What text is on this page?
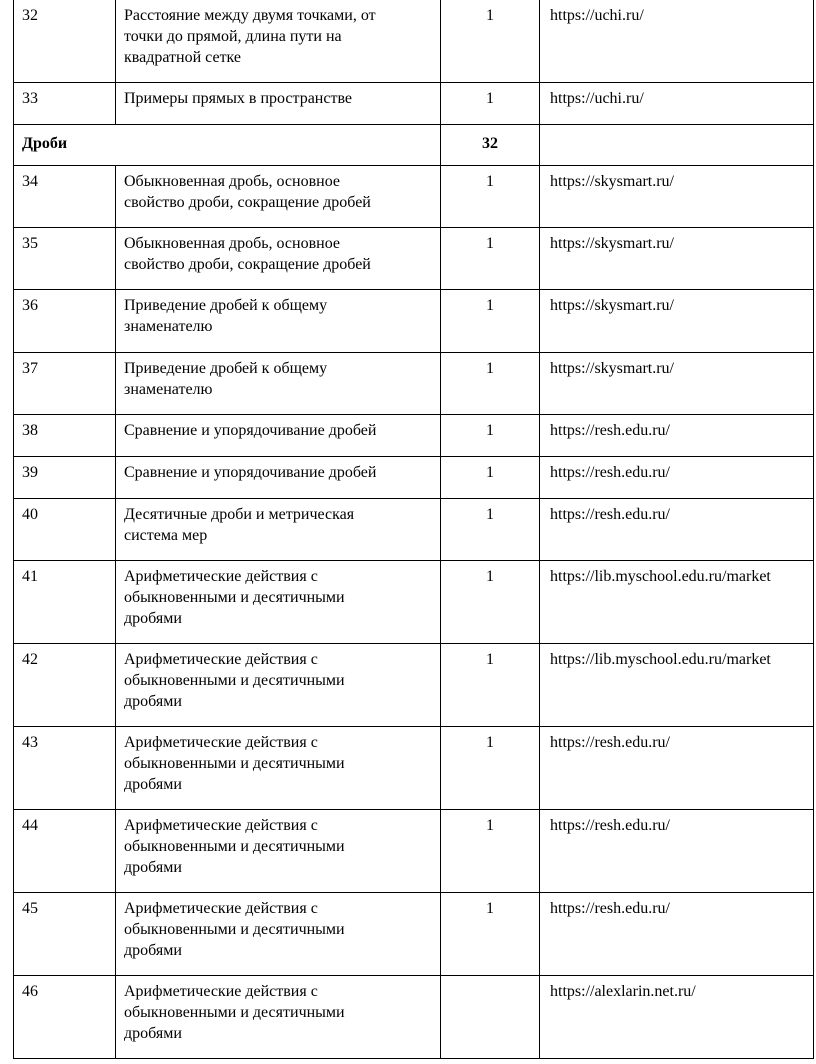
32	Расстояние между двумя точками, от
точки до прямой, длина пути на
квадратной сетке	1	https://uchi.ru/
33	Примеры прямых в пространстве	1	https://uchi.ru/
Дроби		32	
34	Обыкновенная дробь, основное
свойство дроби, сокращение дробей	1	https://skysmart.ru/
35	Обыкновенная дробь, основное
свойство дроби, сокращение дробей	1	https://skysmart.ru/
36	Приведение дробей к общему
знаменателю	1	https://skysmart.ru/
37	Приведение дробей к общему
знаменателю	1	https://skysmart.ru/
38	Сравнение и упорядочивание дробей	1	https://resh.edu.ru/
39	Сравнение и упорядочивание дробей	1	https://resh.edu.ru/
40	Десятичные дроби и метрическая
система мер	1	https://resh.edu.ru/
41	Арифметические действия с
обыкновенными и десятичными
дробями	1	https://lib.myschool.edu.ru/market
42	Арифметические действия с
обыкновенными и десятичными
дробями	1	https://lib.myschool.edu.ru/market
43	Арифметические действия с
обыкновенными и десятичными
дробями	1	https://resh.edu.ru/
44	Арифметические действия с
обыкновенными и десятичными
дробями	1	https://resh.edu.ru/
45	Арифметические действия с
обыкновенными и десятичными
дробями	1	https://resh.edu.ru/
46	Арифметические действия с
обыкновенными и десятичными
дробями		https://alexlarin.net.ru/
